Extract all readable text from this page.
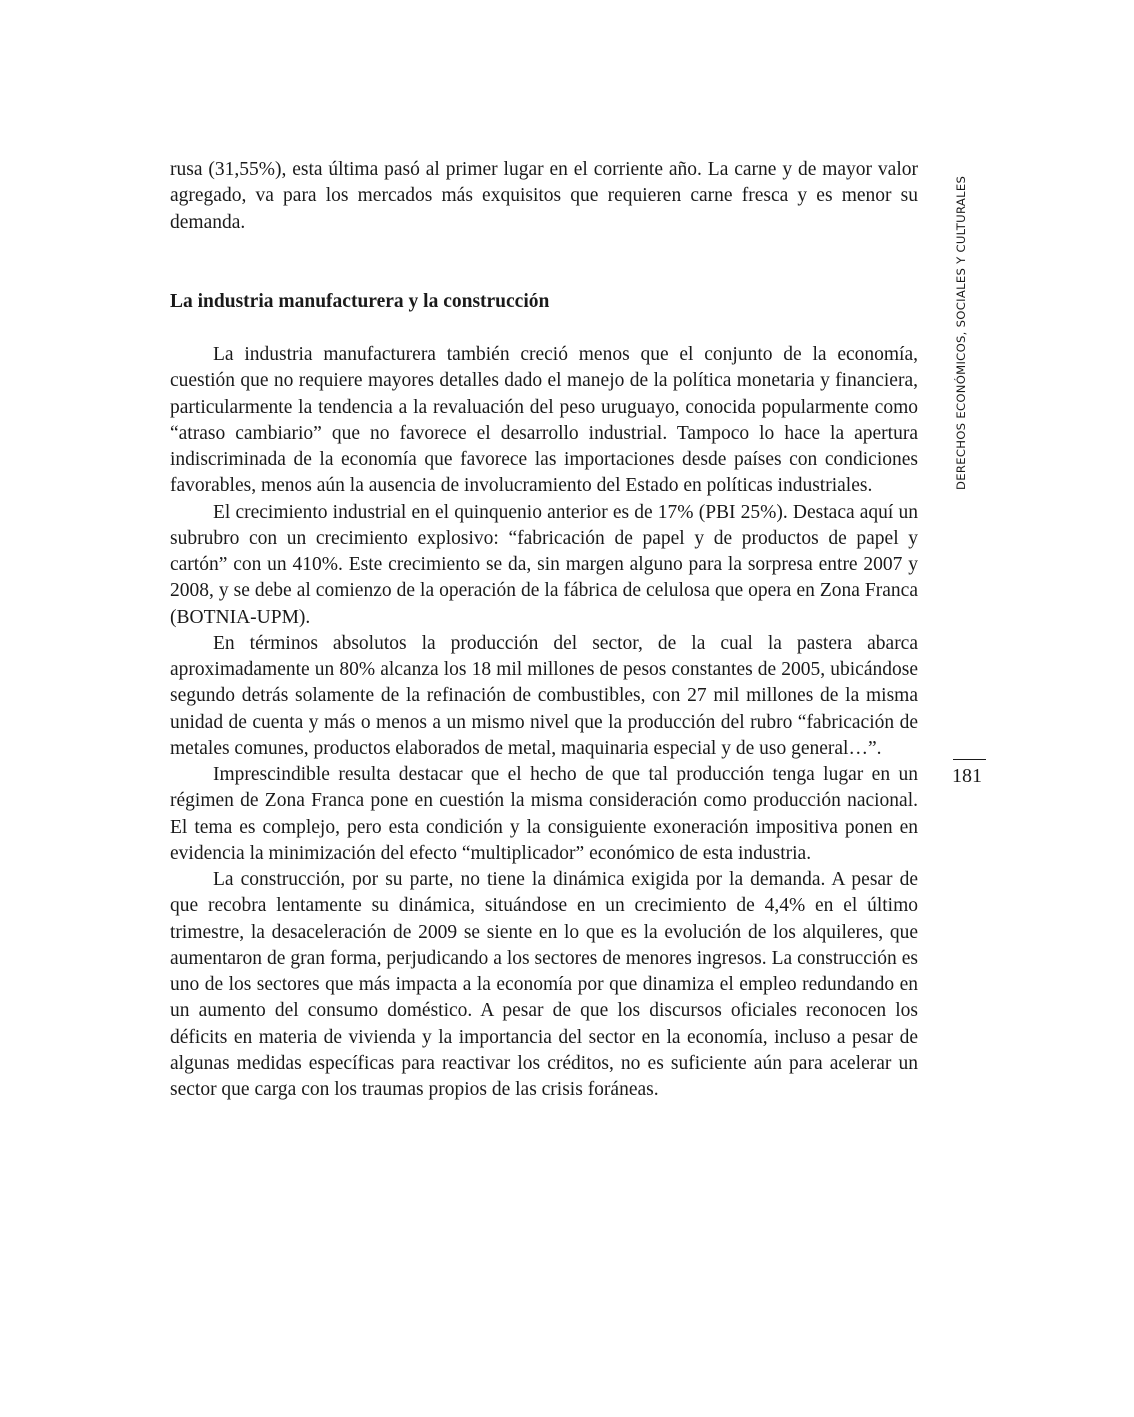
rusa (31,55%), esta última pasó al primer lugar en el corriente año. La carne y de mayor valor agregado, va para los mercados más exquisitos que requieren carne fresca y es menor su demanda.

La industria manufacturera y la construcción

La industria manufacturera también creció menos que el conjunto de la economía, cuestión que no requiere mayores detalles dado el manejo de la política monetaria y financiera, particularmente la tendencia a la revaluación del peso uruguayo, conocida popularmente como “atraso cambiario” que no favorece el desarrollo industrial. Tampoco lo hace la apertura indiscriminada de la economía que favorece las importaciones desde países con condiciones favorables, menos aún la ausencia de involucramiento del Estado en políticas industriales.

El crecimiento industrial en el quinquenio anterior es de 17% (PBI 25%). Destaca aquí un subrubro con un crecimiento explosivo: “fabricación de papel y de productos de papel y cartón” con un 410%. Este crecimiento se da, sin margen alguno para la sorpresa entre 2007 y 2008, y se debe al comienzo de la operación de la fábrica de celulosa que opera en Zona Franca (BOTNIA-UPM).

En términos absolutos la producción del sector, de la cual la pastera abarca aproximadamente un 80% alcanza los 18 mil millones de pesos constantes de 2005, ubicándose segundo detrás solamente de la refinación de combustibles, con 27 mil millones de la misma unidad de cuenta y más o menos a un mismo nivel que la producción del rubro “fabricación de metales comunes, productos elaborados de metal, maquinaria especial y de uso general…”.

Imprescindible resulta destacar que el hecho de que tal producción tenga lugar en un régimen de Zona Franca pone en cuestión la misma consideración como producción nacional. El tema es complejo, pero esta condición y la consiguiente exoneración impositiva ponen en evidencia la minimización del efecto “multiplicador” económico de esta industria.

La construcción, por su parte, no tiene la dinámica exigida por la demanda. A pesar de que recobra lentamente su dinámica, situándose en un crecimiento de 4,4% en el último trimestre, la desaceleración de 2009 se siente en lo que es la evolución de los alquileres, que aumentaron de gran forma, perjudicando a los sectores de menores ingresos. La construcción es uno de los sectores que más impacta a la economía por que dinamiza el empleo redundando en un aumento del consumo doméstico. A pesar de que los discursos oficiales reconocen los déficits en materia de vivienda y la importancia del sector en la economía, incluso a pesar de algunas medidas específicas para reactivar los créditos, no es suficiente aún para acelerar un sector que carga con los traumas propios de las crisis foráneas.

DERECHOS ECONÓMICOS, SOCIALES Y CULTURALES
181
